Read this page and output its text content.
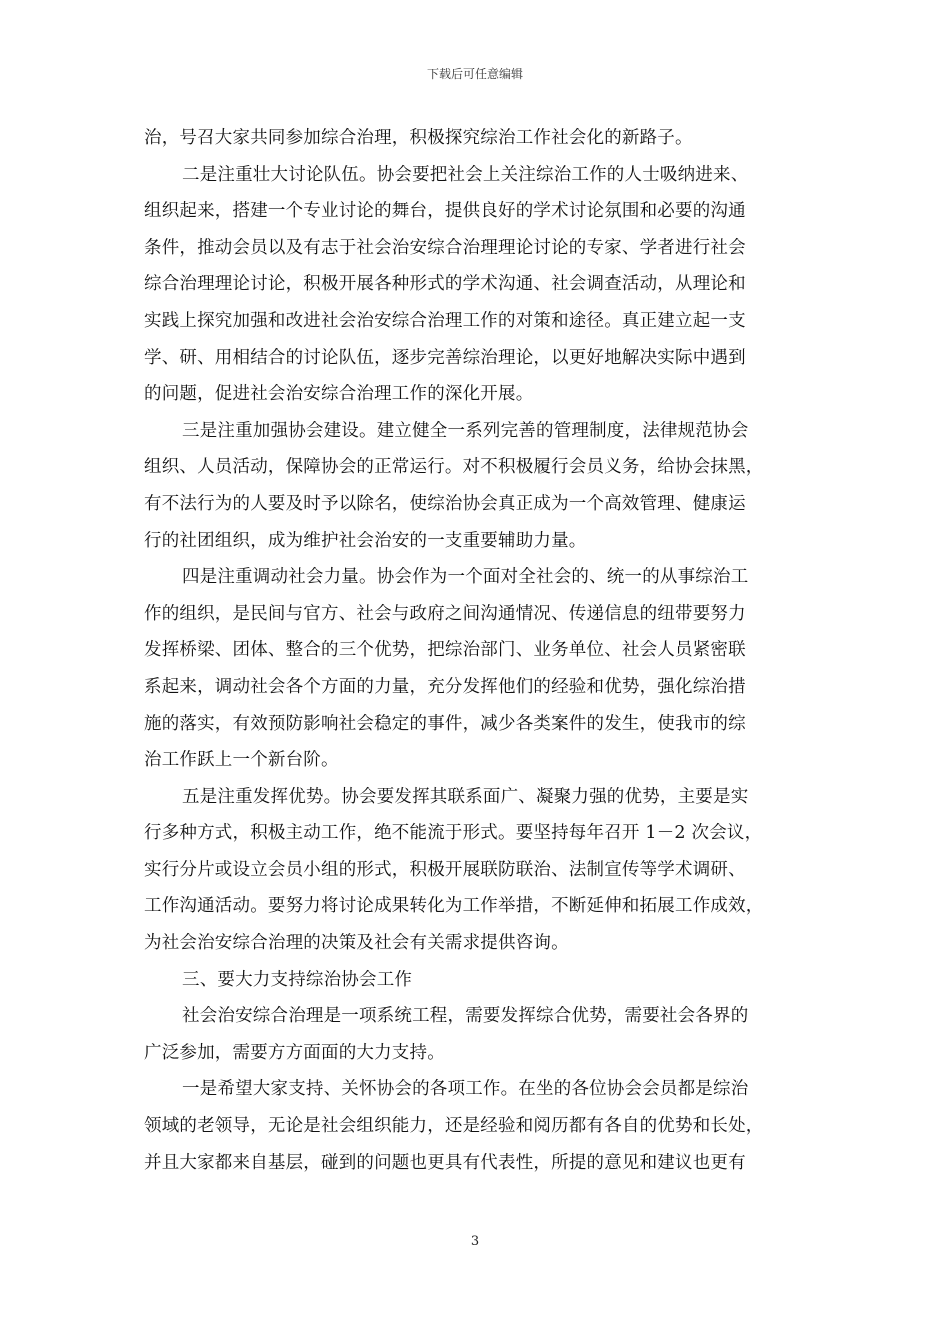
下载后可任意编辑
治，号召大家共同参加综合治理，积极探究综治工作社会化的新路子。
二是注重壮大讨论队伍。协会要把社会上关注综治工作的人士吸纳进来、
组织起来，搭建一个专业讨论的舞台，提供良好的学术讨论氛围和必要的沟通
条件，推动会员以及有志于社会治安综合治理理论讨论的专家、学者进行社会
综合治理理论讨论，积极开展各种形式的学术沟通、社会调查活动，从理论和
实践上探究加强和改进社会治安综合治理工作的对策和途径。真正建立起一支
学、研、用相结合的讨论队伍，逐步完善综治理论，以更好地解决实际中遇到
的问题，促进社会治安综合治理工作的深化开展。
三是注重加强协会建设。建立健全一系列完善的管理制度，法律规范协会
组织、人员活动，保障协会的正常运行。对不积极履行会员义务，给协会抹黑，
有不法行为的人要及时予以除名，使综治协会真正成为一个高效管理、健康运
行的社团组织，成为维护社会治安的一支重要辅助力量。
四是注重调动社会力量。协会作为一个面对全社会的、统一的从事综治工
作的组织，是民间与官方、社会与政府之间沟通情况、传递信息的纽带要努力
发挥桥梁、团体、整合的三个优势，把综治部门、业务单位、社会人员紧密联
系起来，调动社会各个方面的力量，充分发挥他们的经验和优势，强化综治措
施的落实，有效预防影响社会稳定的事件，减少各类案件的发生，使我市的综
治工作跃上一个新台阶。
五是注重发挥优势。协会要发挥其联系面广、凝聚力强的优势，主要是实
行多种方式，积极主动工作，绝不能流于形式。要坚持每年召开 1－2 次会议，
实行分片或设立会员小组的形式，积极开展联防联治、法制宣传等学术调研、
工作沟通活动。要努力将讨论成果转化为工作举措，不断延伸和拓展工作成效，
为社会治安综合治理的决策及社会有关需求提供咨询。
三、要大力支持综治协会工作
社会治安综合治理是一项系统工程，需要发挥综合优势，需要社会各界的
广泛参加，需要方方面面的大力支持。
一是希望大家支持、关怀协会的各项工作。在坐的各位协会会员都是综治
领域的老领导，无论是社会组织能力，还是经验和阅历都有各自的优势和长处，
并且大家都来自基层，碰到的问题也更具有代表性，所提的意见和建议也更有
3
